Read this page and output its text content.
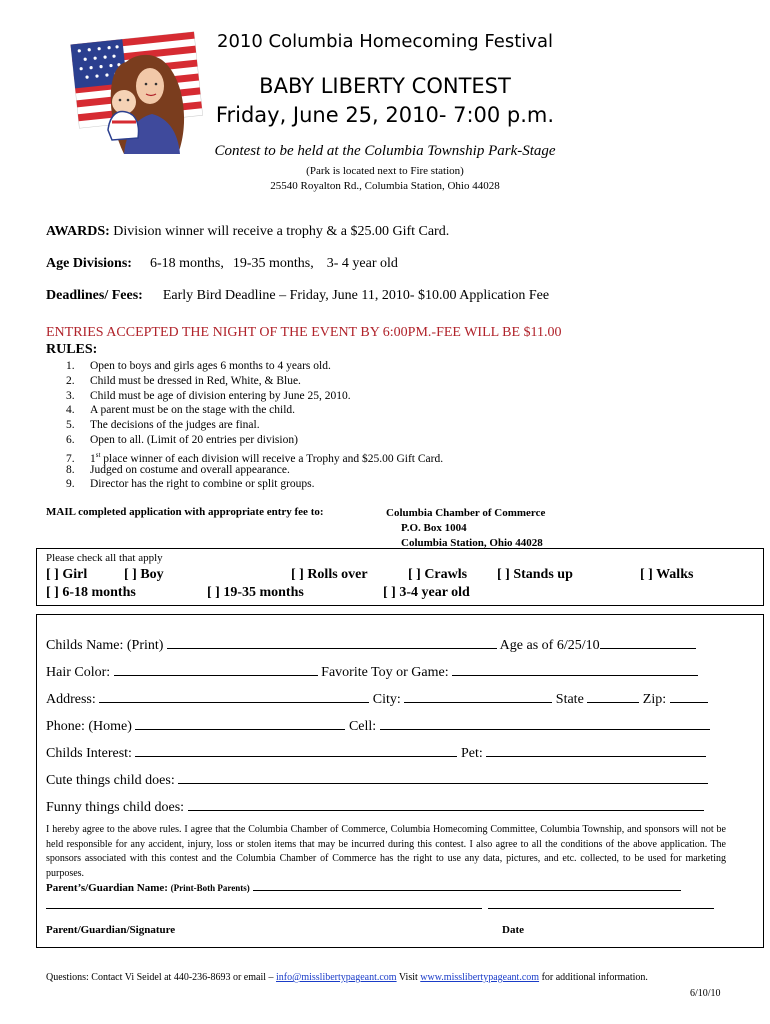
2010 Columbia Homecoming Festival
BABY LIBERTY CONTEST
Friday, June 25, 2010- 7:00 p.m.
Contest to be held at the Columbia Township Park-Stage
(Park is located next to Fire station)
25540 Royalton Rd., Columbia Station, Ohio 44028
AWARDS: Division winner will receive a trophy & a $25.00 Gift Card.
Age Divisions: 6-18 months, 19-35 months, 3- 4 year old
Deadlines/ Fees: Early Bird Deadline – Friday, June 11, 2010- $10.00 Application Fee
ENTRIES ACCEPTED THE NIGHT OF THE EVENT BY 6:00PM.-FEE WILL BE $11.00
RULES:
1. Open to boys and girls ages 6 months to 4 years old.
2. Child must be dressed in Red, White, & Blue.
3. Child must be age of division entering by June 25, 2010.
4. A parent must be on the stage with the child.
5. The decisions of the judges are final.
6. Open to all. (Limit of 20 entries per division)
7. 1st place winner of each division will receive a Trophy and $25.00 Gift Card.
8. Judged on costume and overall appearance.
9. Director has the right to combine or split groups.
MAIL completed application with appropriate entry fee to:	Columbia Chamber of Commerce
P.O. Box 1004
Columbia Station, Ohio 44028
Please check all that apply
[ ] Girl	[ ] Boy	[ ] Rolls over	[ ] Crawls [ ] Stands up	[ ] Walks
[ ] 6-18 months	[ ] 19-35 months	[ ] 3-4 year old
Childs Name: (Print)	Age as of 6/25/10
Hair Color:	Favorite Toy or Game:
Address:	City:	State	Zip:
Phone: (Home)	Cell:
Childs Interest:	Pet:
Cute things child does:
Funny things child does:
I hereby agree to the above rules. I agree that the Columbia Chamber of Commerce, Columbia Homecoming Committee, Columbia Township, and sponsors will not be held responsible for any accident, injury, loss or stolen items that may be incurred during this contest. I also agree to all the conditions of the above application. The sponsors associated with this contest and the Columbia Chamber of Commerce has the right to use any data, pictures, and etc. collected, to be used for marketing purposes.
Parent’s/Guardian Name: (Print-Both Parents)
Parent/Guardian/Signature	Date
Questions: Contact Vi Seidel at 440-236-8693 or email – info@misslibertypageant.com Visit www.misslibertypageant.com for additional information.
6/10/10
